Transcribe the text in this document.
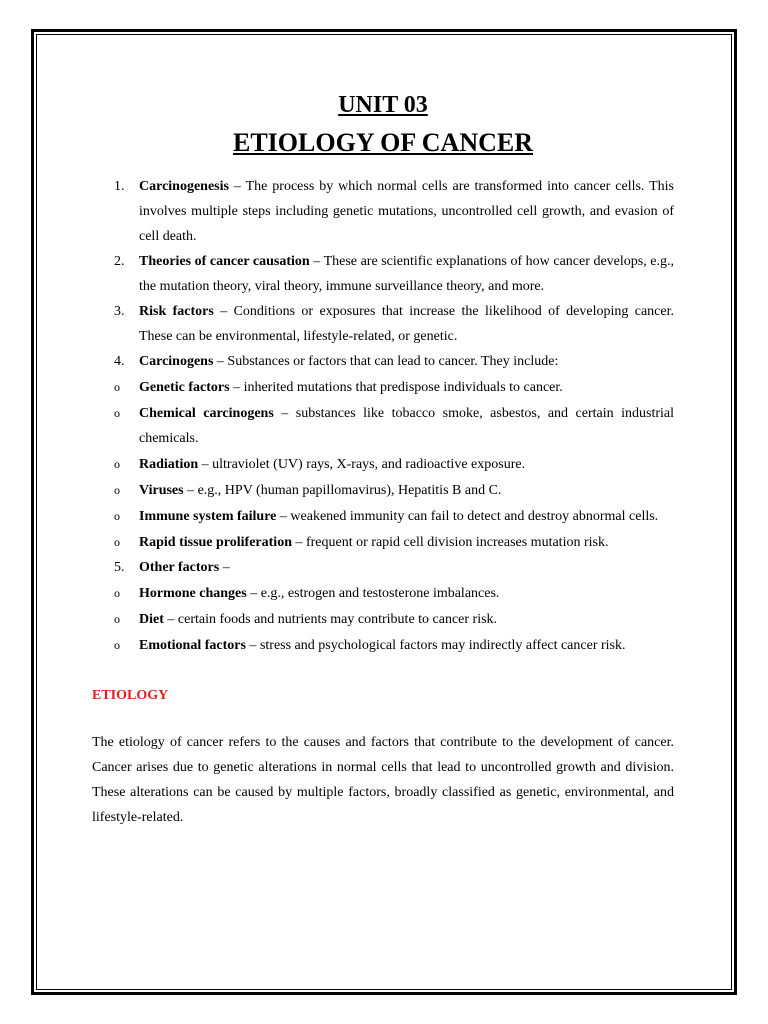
UNIT 03
ETIOLOGY OF CANCER
1. Carcinogenesis – The process by which normal cells are transformed into cancer cells. This involves multiple steps including genetic mutations, uncontrolled cell growth, and evasion of cell death.
2. Theories of cancer causation – These are scientific explanations of how cancer develops, e.g., the mutation theory, viral theory, immune surveillance theory, and more.
3. Risk factors – Conditions or exposures that increase the likelihood of developing cancer. These can be environmental, lifestyle-related, or genetic.
4. Carcinogens – Substances or factors that can lead to cancer. They include:
o Genetic factors – inherited mutations that predispose individuals to cancer.
o Chemical carcinogens – substances like tobacco smoke, asbestos, and certain industrial chemicals.
o Radiation – ultraviolet (UV) rays, X-rays, and radioactive exposure.
o Viruses – e.g., HPV (human papillomavirus), Hepatitis B and C.
o Immune system failure – weakened immunity can fail to detect and destroy abnormal cells.
o Rapid tissue proliferation – frequent or rapid cell division increases mutation risk.
5. Other factors –
o Hormone changes – e.g., estrogen and testosterone imbalances.
o Diet – certain foods and nutrients may contribute to cancer risk.
o Emotional factors – stress and psychological factors may indirectly affect cancer risk.

ETIOLOGY

The etiology of cancer refers to the causes and factors that contribute to the development of cancer. Cancer arises due to genetic alterations in normal cells that lead to uncontrolled growth and division. These alterations can be caused by multiple factors, broadly classified as genetic, environmental, and lifestyle-related.
